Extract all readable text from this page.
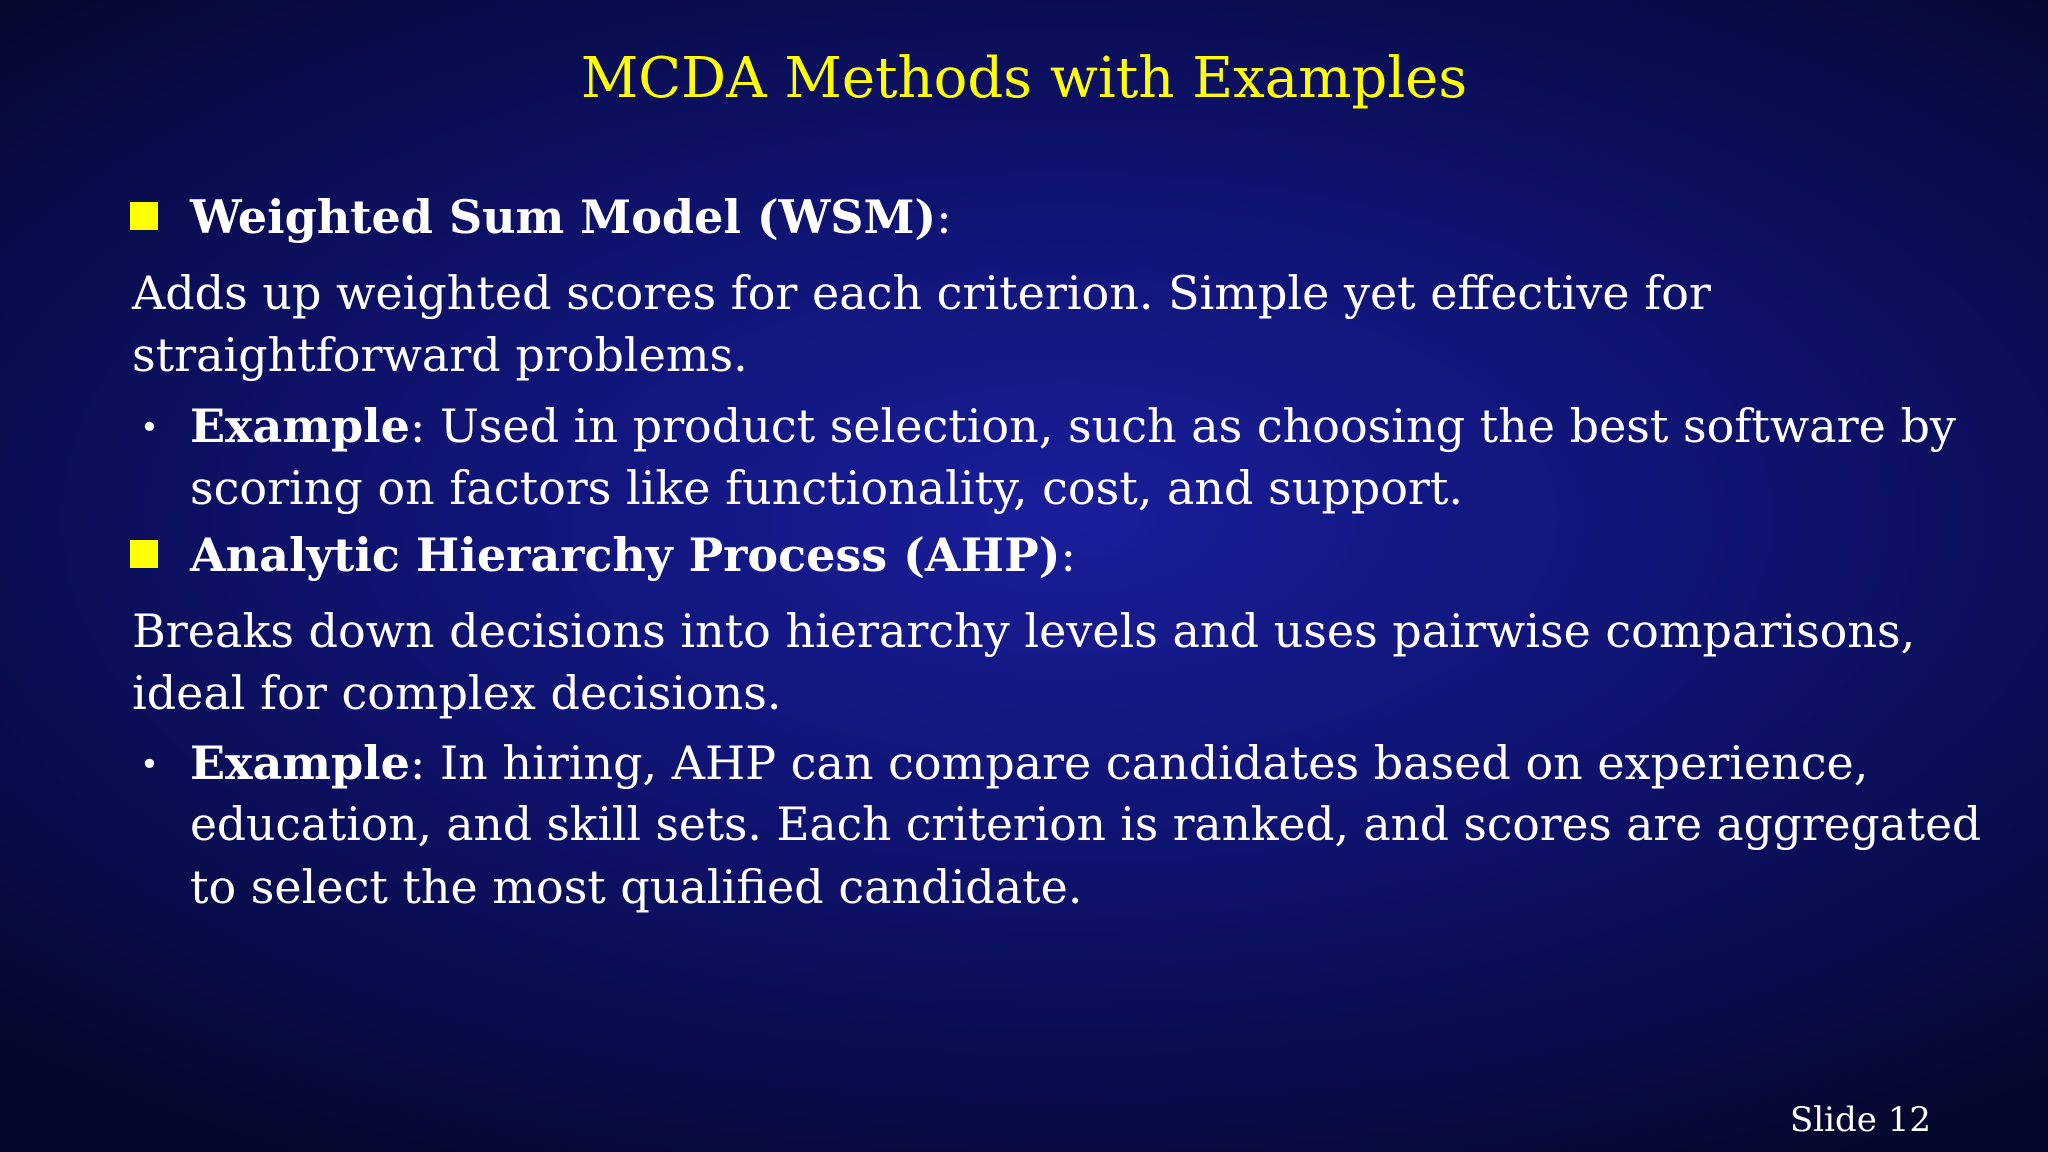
MCDA Methods with Examples
Weighted Sum Model (WSM):
Adds up weighted scores for each criterion. Simple yet effective for
straightforward problems.
• Example: Used in product selection, such as choosing the best software by
scoring on factors like functionality, cost, and support.
Analytic Hierarchy Process (AHP):
Breaks down decisions into hierarchy levels and uses pairwise comparisons,
ideal for complex decisions.
• Example: In hiring, AHP can compare candidates based on experience,
education, and skill sets. Each criterion is ranked, and scores are aggregated
to select the most qualified candidate.
Slide 12
